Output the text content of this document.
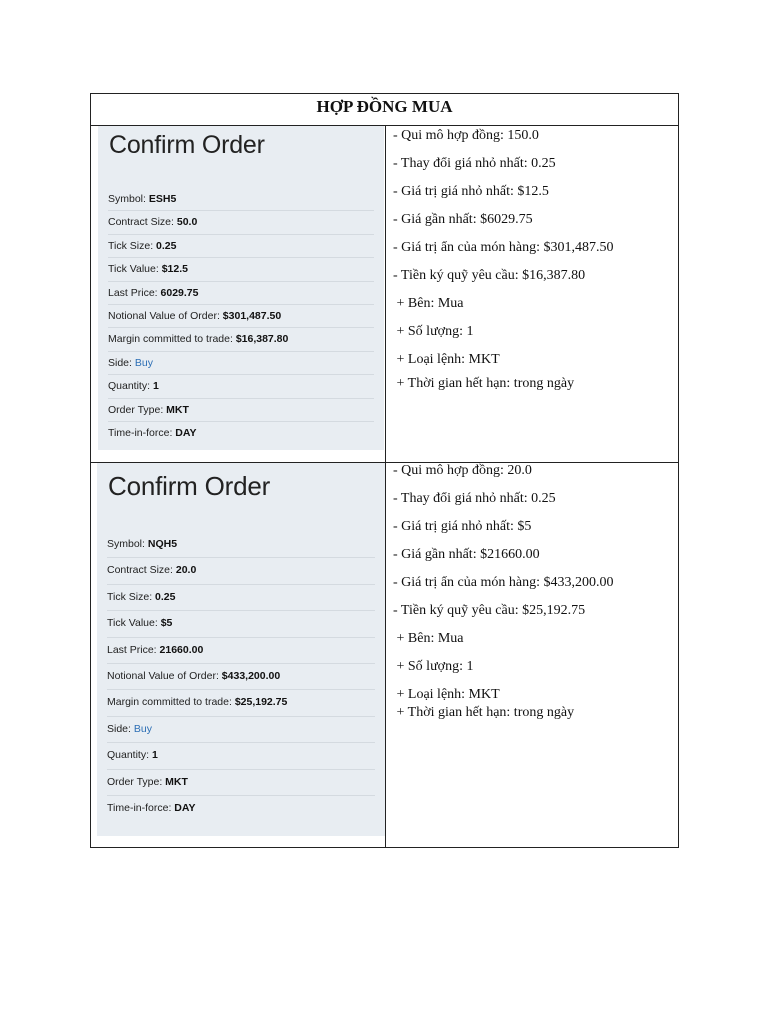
HỢP ĐỒNG MUA
Confirm Order
Symbol: ESH5
Contract Size: 50.0
Tick Size: 0.25
Tick Value: $12.5
Last Price: 6029.75
Notional Value of Order: $301,487.50
Margin committed to trade: $16,387.80
Side: Buy
Quantity: 1
Order Type: MKT
Time-in-force: DAY
- Qui mô hợp đồng: 150.0
- Thay đổi giá nhỏ nhất: 0.25
- Giá trị giá nhỏ nhất: $12.5
- Giá gần nhất: $6029.75
- Giá trị ẩn của món hàng: $301,487.50
- Tiền ký quỹ yêu cầu: $16,387.80
+ Bên: Mua
+ Số lượng: 1
+ Loại lệnh: MKT
+ Thời gian hết hạn: trong ngày
Confirm Order
Symbol: NQH5
Contract Size: 20.0
Tick Size: 0.25
Tick Value: $5
Last Price: 21660.00
Notional Value of Order: $433,200.00
Margin committed to trade: $25,192.75
Side: Buy
Quantity: 1
Order Type: MKT
Time-in-force: DAY
- Qui mô hợp đồng: 20.0
- Thay đổi giá nhỏ nhất: 0.25
- Giá trị giá nhỏ nhất: $5
- Giá gần nhất: $21660.00
- Giá trị ẩn của món hàng: $433,200.00
- Tiền ký quỹ yêu cầu: $25,192.75
+ Bên: Mua
+ Số lượng: 1
+ Loại lệnh: MKT
+ Thời gian hết hạn: trong ngày
